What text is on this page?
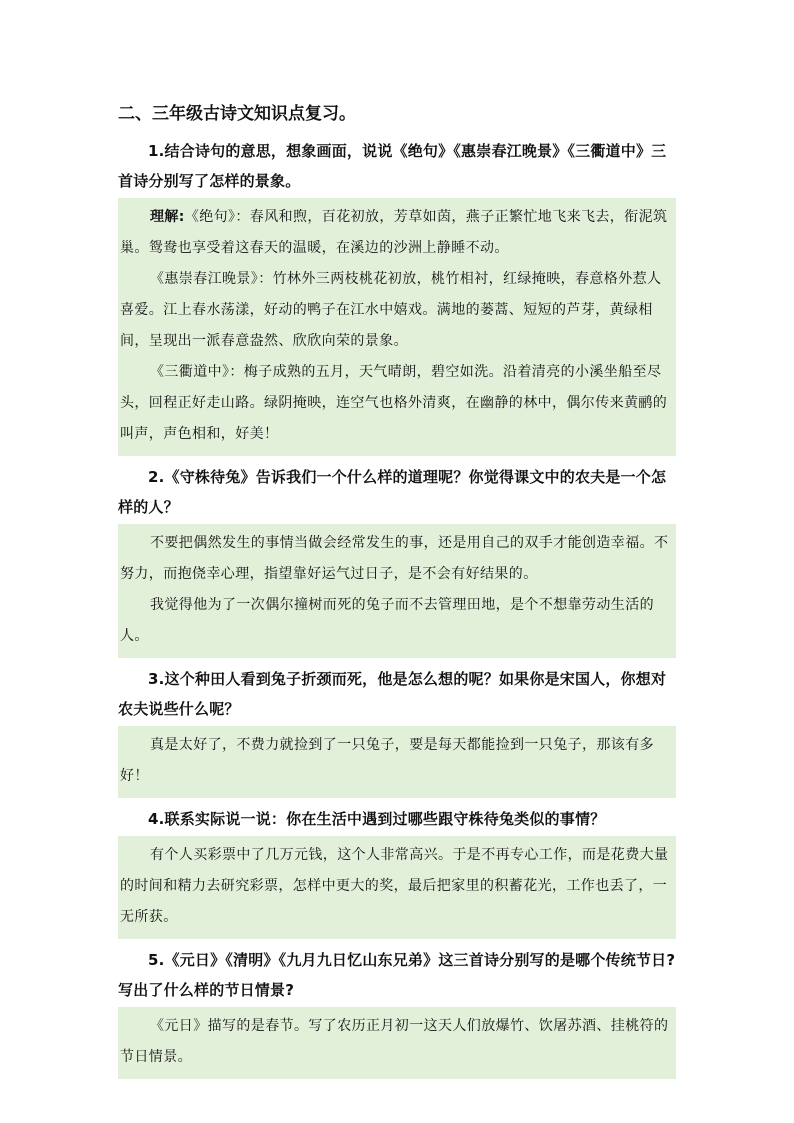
二、三年级古诗文知识点复习。

1.结合诗句的意思，想象画面，说说《绝句》《惠崇春江晚景》《三衢道中》三首诗分别写了怎样的景象。

理解:《绝句》：春风和煦，百花初放，芳草如茵，燕子正繁忙地飞来飞去，衔泥筑巢。鸳鸯也享受着这春天的温暖，在溪边的沙洲上静睡不动。

《惠崇春江晚景》：竹林外三两枝桃花初放，桃竹相衬，红绿掩映，春意格外惹人喜爱。江上春水荡漾，好动的鸭子在江水中嬉戏。满地的蒌蒿、短短的芦芽，黄绿相间，呈现出一派春意盎然、欣欣向荣的景象。

《三衢道中》：梅子成熟的五月，天气晴朗，碧空如洗。沿着清亮的小溪坐船至尽头，回程正好走山路。绿阴掩映，连空气也格外清爽，在幽静的林中，偶尔传来黄鹂的叫声，声色相和，好美！

2.《守株待兔》告诉我们一个什么样的道理呢？你觉得课文中的农夫是一个怎样的人？

不要把偶然发生的事情当做会经常发生的事，还是用自己的双手才能创造幸福。不努力，而抱侥幸心理，指望靠好运气过日子，是不会有好结果的。

我觉得他为了一次偶尔撞树而死的兔子而不去管理田地，是个不想靠劳动生活的人。

3.这个种田人看到兔子折颈而死，他是怎么想的呢？如果你是宋国人，你想对农夫说些什么呢？

真是太好了，不费力就捡到了一只兔子，要是每天都能捡到一只兔子，那该有多好！

4.联系实际说一说：你在生活中遇到过哪些跟守株待兔类似的事情？

有个人买彩票中了几万元钱，这个人非常高兴。于是不再专心工作，而是花费大量的时间和精力去研究彩票，怎样中更大的奖，最后把家里的积蓄花光，工作也丢了，一无所获。

5.《元日》《清明》《九月九日忆山东兄弟》这三首诗分别写的是哪个传统节日?写出了什么样的节日情景?

《元日》描写的是春节。写了农历正月初一这天人们放爆竹、饮屠苏酒、挂桃符的节日情景。
